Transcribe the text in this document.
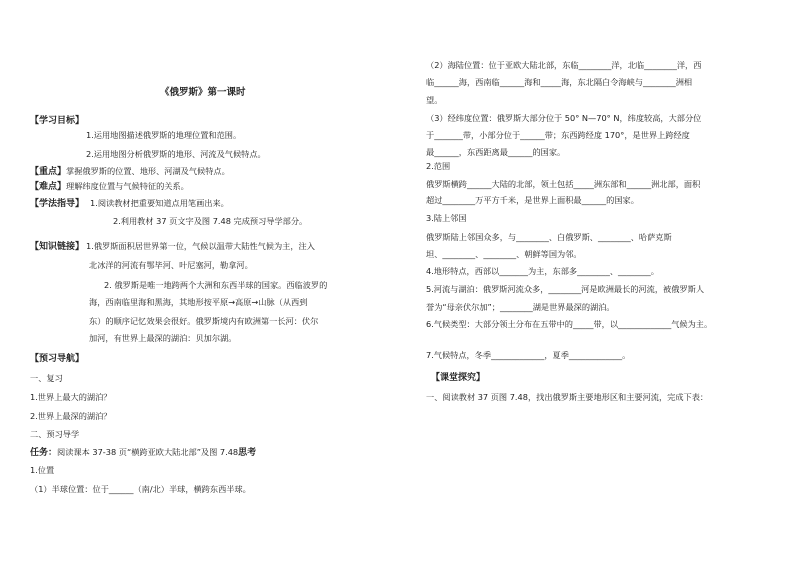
《俄罗斯》第一课时
【学习目标】
1.运用地图描述俄罗斯的地理位置和范围。
2.运用地图分析俄罗斯的地形、河流及气候特点。
【重点】掌握俄罗斯的位置、地形、河湖及气候特点。
【难点】理解纬度位置与气候特征的关系。
【学法指导】 1.阅读教材把重要知道点用笔画出来。
2.利用教材 37 页文字及图 7.48 完成预习导学部分。
【知识链接】 1.俄罗斯面积居世界第一位，气候以温带大陆性气候为主，注入
北冰洋的河流有鄂毕河、叶尼塞河，勒拿河。
2. 俄罗斯是唯一地跨两个大洲和东西半球的国家。西临波罗的
海，西南临里海和黑海，其地形按平原→高原→山脉（从西到
东）的顺序记忆效果会很好。俄罗斯境内有欧洲第一长河：伏尔
加河，有世界上最深的湖泊：贝加尔湖。
【预习导航】
一、复习
1.世界上最大的湖泊？
2.世界上最深的湖泊？
二、预习导学
任务：阅读课本 37-38 页“横跨亚欧大陆北部”及图 7.48思考
1.位置
（1）半球位置：位于______（南/北）半球，横跨东西半球。
（2）海陆位置：位于亚欧大陆北部，东临________洋，北临________洋，西
临______海，西南临______海和_____海，东北隔白令海峡与________洲相
望。
（3）经纬度位置：俄罗斯大部分位于 50° N—70° N，纬度较高，大部分位
于_______带，小部分位于______带；东西跨经度 170°，是世界上跨经度
最______，东西距离最______的国家。
2.范围
俄罗斯横跨______大陆的北部，领土包括_____洲东部和______洲北部，面积
超过________万平方千米，是世界上面积最______的国家。
3.陆上邻国
俄罗斯陆上邻国众多，与________、白俄罗斯、________、哈萨克斯
坦、________、________、朝鲜等国为邻。
4.地形特点，西部以_______为主，东部多________、________。
5.河流与湖泊：俄罗斯河流众多，________河是欧洲最长的河流，被俄罗斯人
誉为“母亲伏尔加”；________湖是世界最深的湖泊。
6.气候类型：大部分领土分布在五带中的_____带，以_____________气候为主。
7.气候特点，冬季_____________，夏季_____________。
【课堂探究】
一、阅读教材 37 页图 7.48，找出俄罗斯主要地形区和主要河流，完成下表：
